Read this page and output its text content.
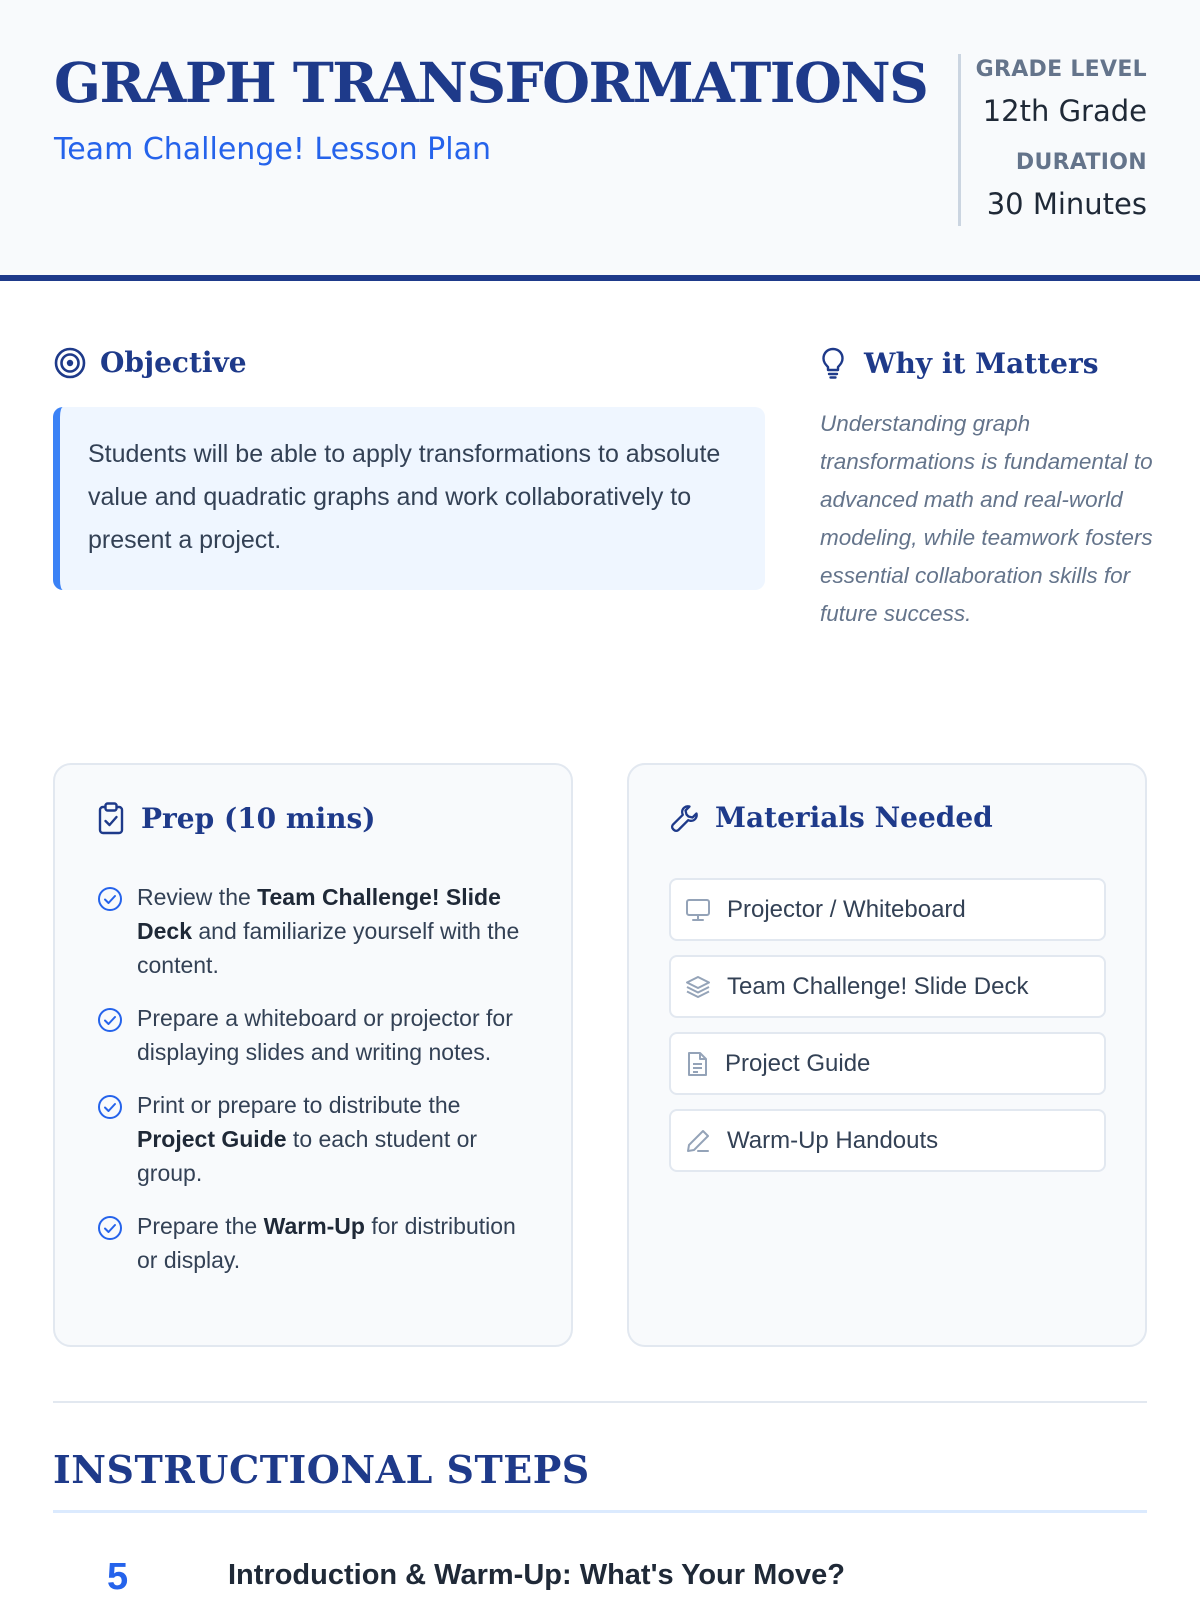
GRAPH TRANSFORMATIONS
Team Challenge! Lesson Plan
GRADE LEVEL
12th Grade
DURATION
30 Minutes
Objective
Students will be able to apply transformations to absolute value and quadratic graphs and work collaboratively to present a project.
Why it Matters
Understanding graph transformations is fundamental to advanced math and real-world modeling, while teamwork fosters essential collaboration skills for future success.
Prep (10 mins)
Review the Team Challenge! Slide Deck and familiarize yourself with the content.
Prepare a whiteboard or projector for displaying slides and writing notes.
Print or prepare to distribute the Project Guide to each student or group.
Prepare the Warm-Up for distribution or display.
Materials Needed
Projector / Whiteboard
Team Challenge! Slide Deck
Project Guide
Warm-Up Handouts
INSTRUCTIONAL STEPS
5	Introduction & Warm-Up: What's Your Move?
